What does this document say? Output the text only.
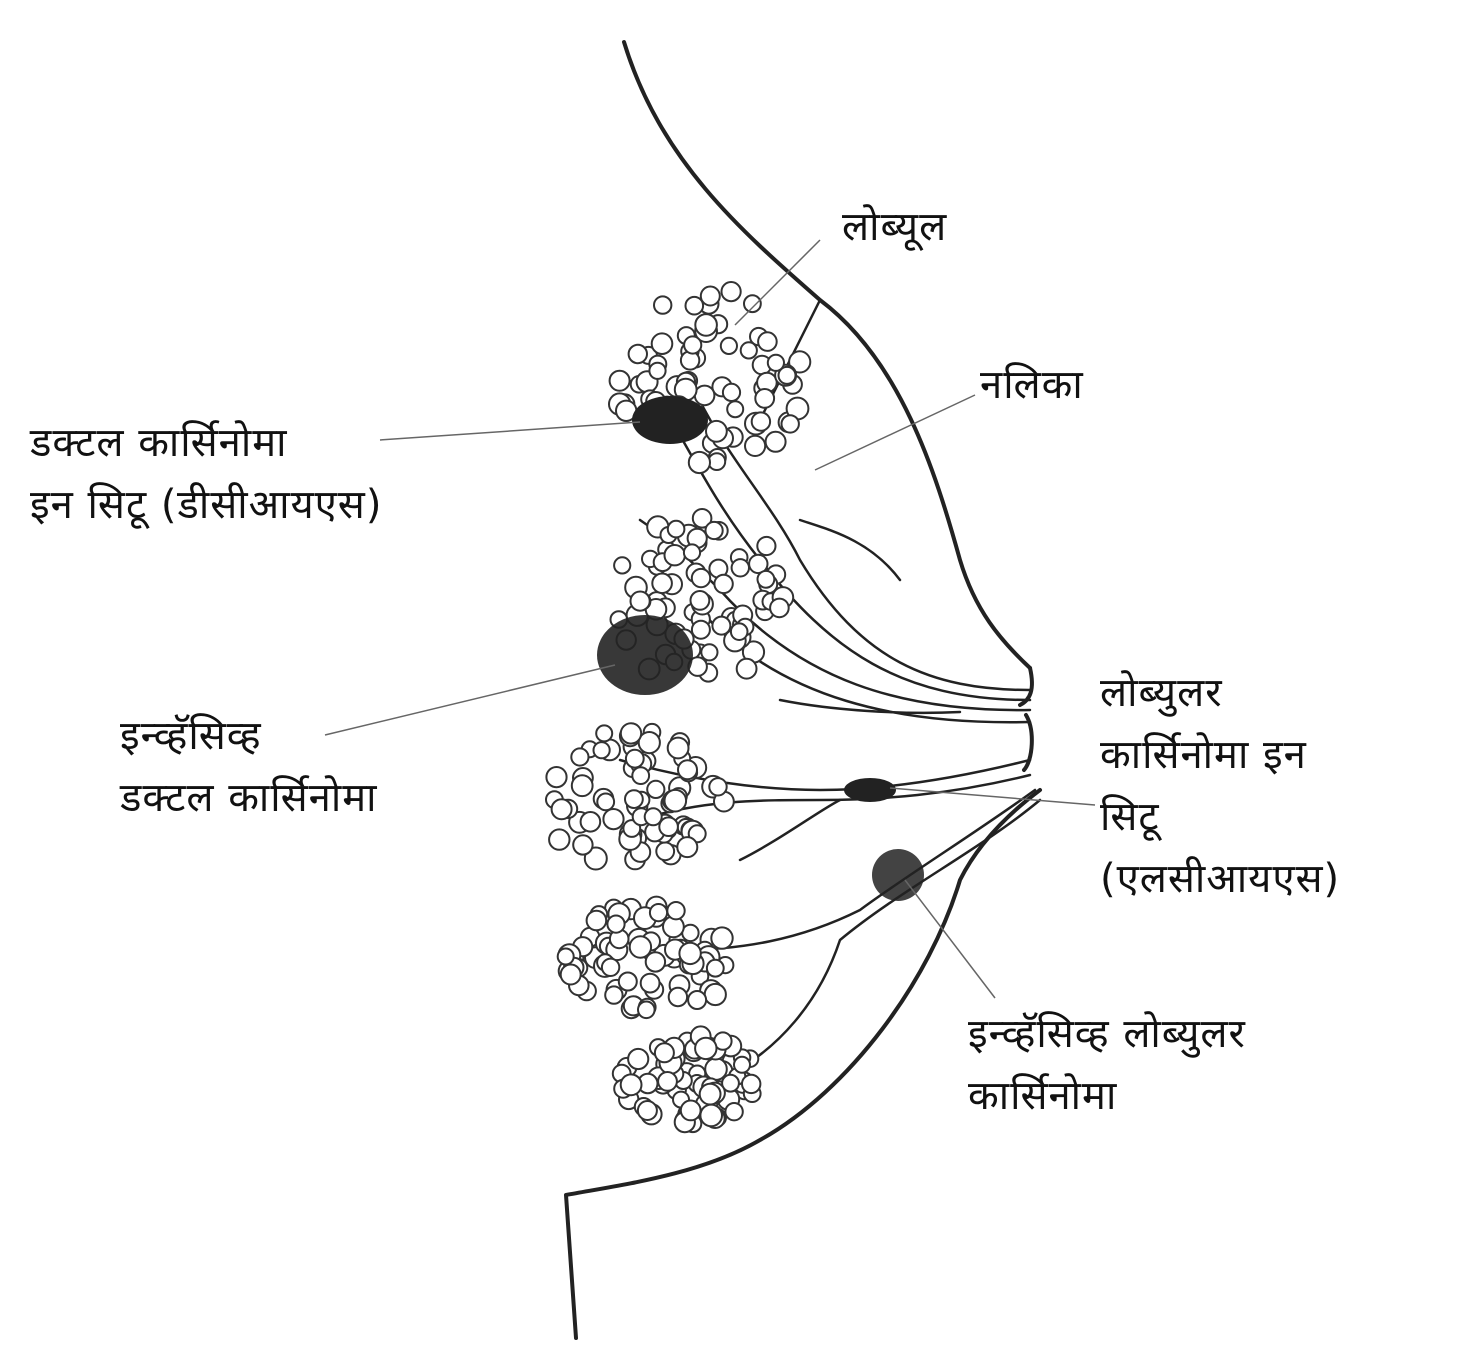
लोब्यूल
नलिका
डक्टल कार्सिनोमा
इन सिटू (डीसीआयएस)
इन्व्हॅसिव्ह
डक्टल कार्सिनोमा
लोब्युलर
कार्सिनोमा इन
सिटू
(एलसीआयएस)
इन्व्हॅसिव्ह लोब्युलर
कार्सिनोमा
